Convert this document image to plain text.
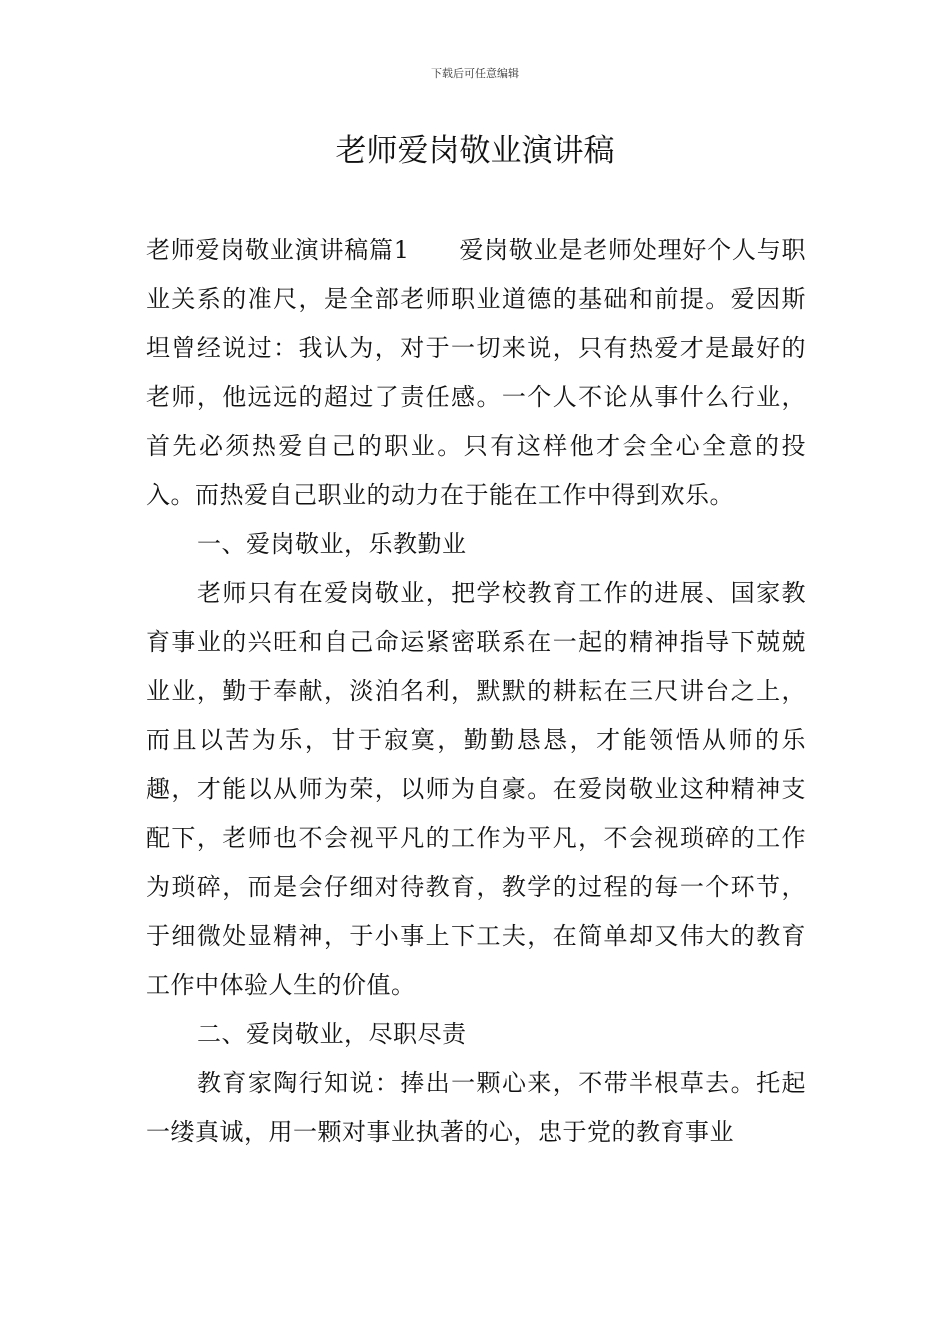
下载后可任意编辑
老师爱岗敬业演讲稿

老师爱岗敬业演讲稿篇1　　爱岗敬业是老师处理好个人与职业关系的准尺，是全部老师职业道德的基础和前提。爱因斯坦曾经说过：我认为，对于一切来说，只有热爱才是最好的老师，他远远的超过了责任感。一个人不论从事什么行业，首先必须热爱自己的职业。只有这样他才会全心全意的投入。而热爱自己职业的动力在于能在工作中得到欢乐。

一、爱岗敬业，乐教勤业

老师只有在爱岗敬业，把学校教育工作的进展、国家教育事业的兴旺和自己命运紧密联系在一起的精神指导下兢兢业业，勤于奉献，淡泊名利，默默的耕耘在三尺讲台之上，而且以苦为乐，甘于寂寞，勤勤恳恳，才能领悟从师的乐趣，才能以从师为荣，以师为自豪。在爱岗敬业这种精神支配下，老师也不会视平凡的工作为平凡，不会视琐碎的工作为琐碎，而是会仔细对待教育，教学的过程的每一个环节，于细微处显精神，于小事上下工夫，在简单却又伟大的教育工作中体验人生的价值。

二、爱岗敬业，尽职尽责

教育家陶行知说：捧出一颗心来，不带半根草去。托起一缕真诚，用一颗对事业执著的心，忠于党的教育事业
